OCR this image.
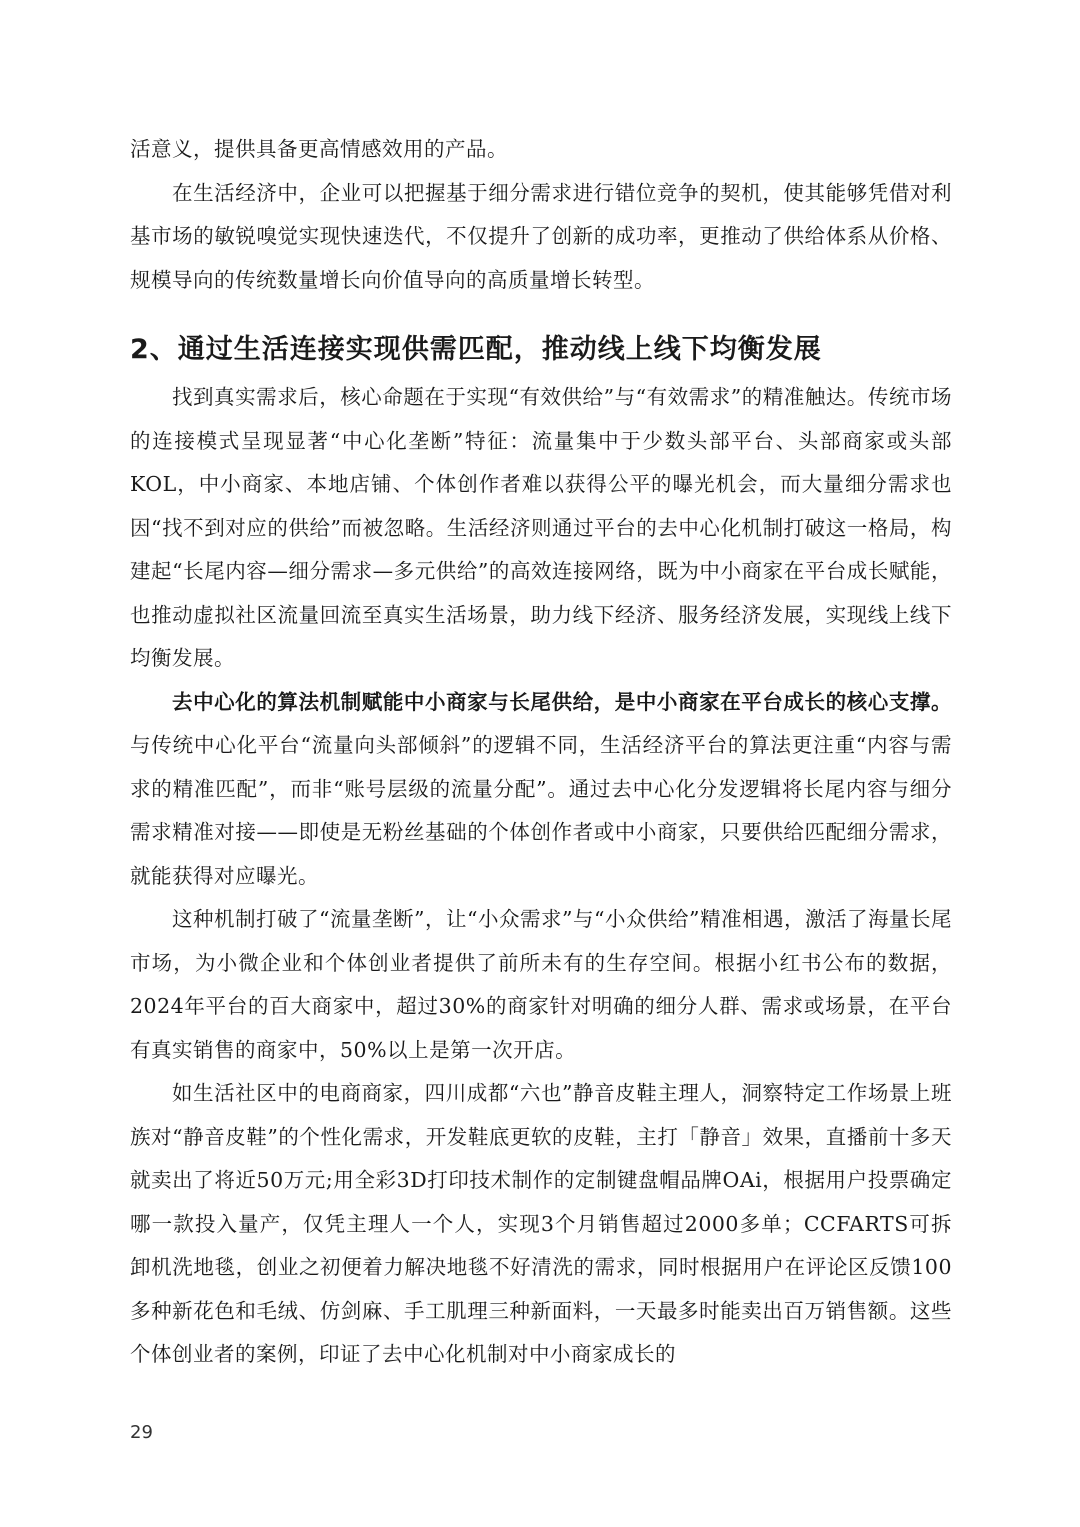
活意义，提供具备更高情感效用的产品。

在生活经济中，企业可以把握基于细分需求进行错位竞争的契机，使其能够凭借对利基市场的敏锐嗅觉实现快速迭代，不仅提升了创新的成功率，更推动了供给体系从价格、规模导向的传统数量增长向价值导向的高质量增长转型。

2、通过生活连接实现供需匹配，推动线上线下均衡发展

找到真实需求后，核心命题在于实现“有效供给”与“有效需求”的精准触达。传统市场的连接模式呈现显著“中心化垄断”特征：流量集中于少数头部平台、头部商家或头部KOL，中小商家、本地店铺、个体创作者难以获得公平的曝光机会，而大量细分需求也因“找不到对应的供给”而被忽略。生活经济则通过平台的去中心化机制打破这一格局，构建起“长尾内容—细分需求—多元供给”的高效连接网络，既为中小商家在平台成长赋能，也推动虚拟社区流量回流至真实生活场景，助力线下经济、服务经济发展，实现线上线下均衡发展。

去中心化的算法机制赋能中小商家与长尾供给，是中小商家在平台成长的核心支撑。与传统中心化平台“流量向头部倾斜”的逻辑不同，生活经济平台的算法更注重“内容与需求的精准匹配”，而非“账号层级的流量分配”。通过去中心化分发逻辑将长尾内容与细分需求精准对接——即使是无粉丝基础的个体创作者或中小商家，只要供给匹配细分需求，就能获得对应曝光。

这种机制打破了“流量垄断”，让“小众需求”与“小众供给”精准相遇，激活了海量长尾市场，为小微企业和个体创业者提供了前所未有的生存空间。根据小红书公布的数据，2024年平台的百大商家中，超过30%的商家针对明确的细分人群、需求或场景，在平台有真实销售的商家中，50%以上是第一次开店。

如生活社区中的电商商家，四川成都“六也”静音皮鞋主理人，洞察特定工作场景上班族对“静音皮鞋”的个性化需求，开发鞋底更软的皮鞋，主打「静音」效果，直播前十多天就卖出了将近50万元;用全彩3D打印技术制作的定制键盘帽品牌OAi，根据用户投票确定哪一款投入量产，仅凭主理人一个人，实现3个月销售超过2000多单；CCFARTS可拆卸机洗地毯，创业之初便着力解决地毯不好清洗的需求，同时根据用户在评论区反馈100多种新花色和毛绒、仿剑麻、手工肌理三种新面料，一天最多时能卖出百万销售额。这些个体创业者的案例，印证了去中心化机制对中小商家成长的

29
